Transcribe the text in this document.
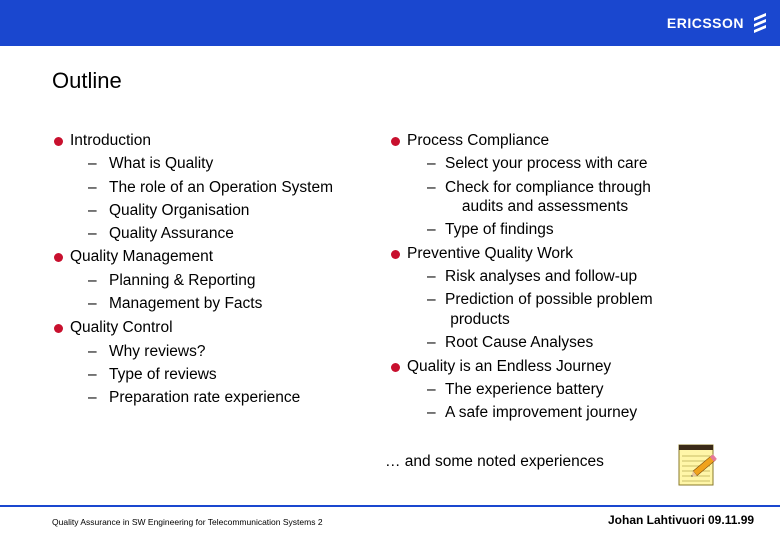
ERICSSON
Outline
Introduction
– What is Quality
– The role of an Operation System
– Quality Organisation
– Quality Assurance
Quality Management
– Planning & Reporting
– Management by Facts
Quality Control
– Why reviews?
– Type of reviews
– Preparation rate experience
Process Compliance
– Select your process with care
– Check for compliance through
audits and assessments
– Type of findings
Preventive Quality Work
– Risk analyses and follow-up
– Prediction of possible problem
products
– Root Cause Analyses
Quality is an Endless Journey
– The experience battery
– A safe improvement journey
… and some noted experiences
Quality Assurance in SW Engineering for Telecommunication Systems 2	Johan Lahtivuori 09.11.99
